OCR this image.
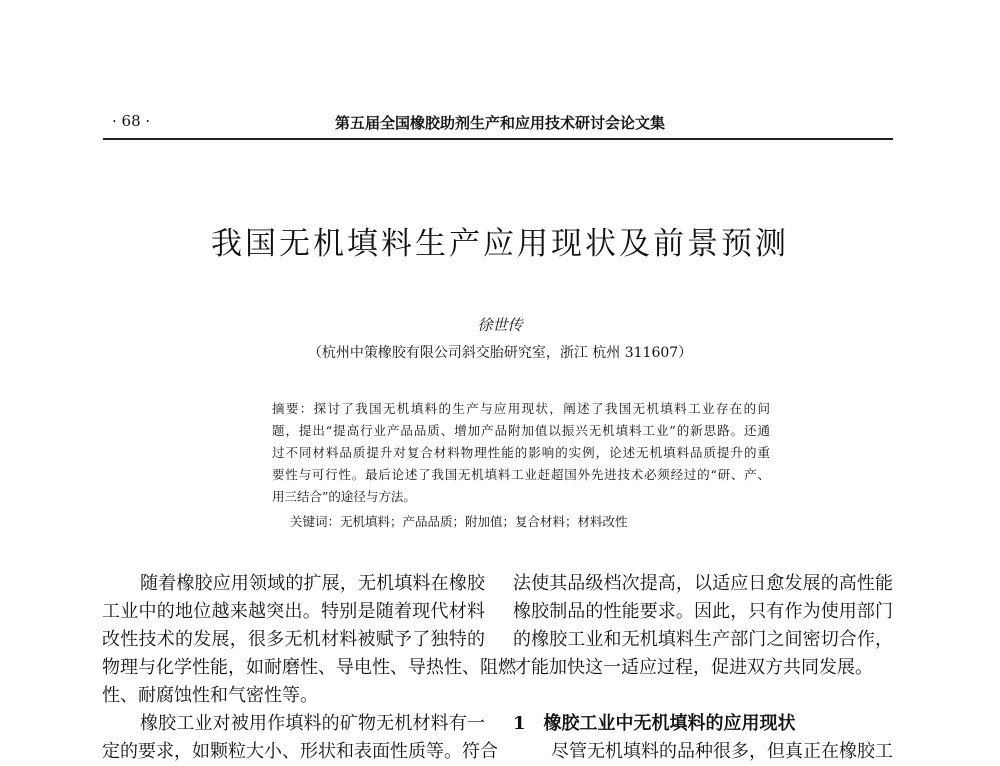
· 68 ·	第五届全国橡胶助剂生产和应用技术研讨会论文集
我国无机填料生产应用现状及前景预测
徐世传
（杭州中策橡胶有限公司斜交胎研究室，浙江 杭州 311607）
摘要：探讨了我国无机填料的生产与应用现状，阐述了我国无机填料工业存在的问
题，提出“提高行业产品品质、增加产品附加值以振兴无机填料工业”的新思路。还通
过不同材料品质提升对复合材料物理性能的影响的实例，论述无机填料品质提升的重
要性与可行性。最后论述了我国无机填料工业赶超国外先进技术必须经过的“研、产、
用三结合”的途径与方法。
关键词：无机填料；产品品质；附加值；复合材料；材料改性
随着橡胶应用领域的扩展，无机填料在橡胶
工业中的地位越来越突出。特别是随着现代材料
改性技术的发展，很多无机材料被赋予了独特的
物理与化学性能，如耐磨性、导电性、导热性、阻燃
性、耐腐蚀性和气密性等。
橡胶工业对被用作填料的矿物无机材料有一
定的要求，如颗粒大小、形状和表面性质等。符合
法使其品级档次提高，以适应日愈发展的高性能
橡胶制品的性能要求。因此，只有作为使用部门
的橡胶工业和无机填料生产部门之间密切合作，
才能加快这一适应过程，促进双方共同发展。
1　橡胶工业中无机填料的应用现状
尽管无机填料的品种很多，但真正在橡胶工
